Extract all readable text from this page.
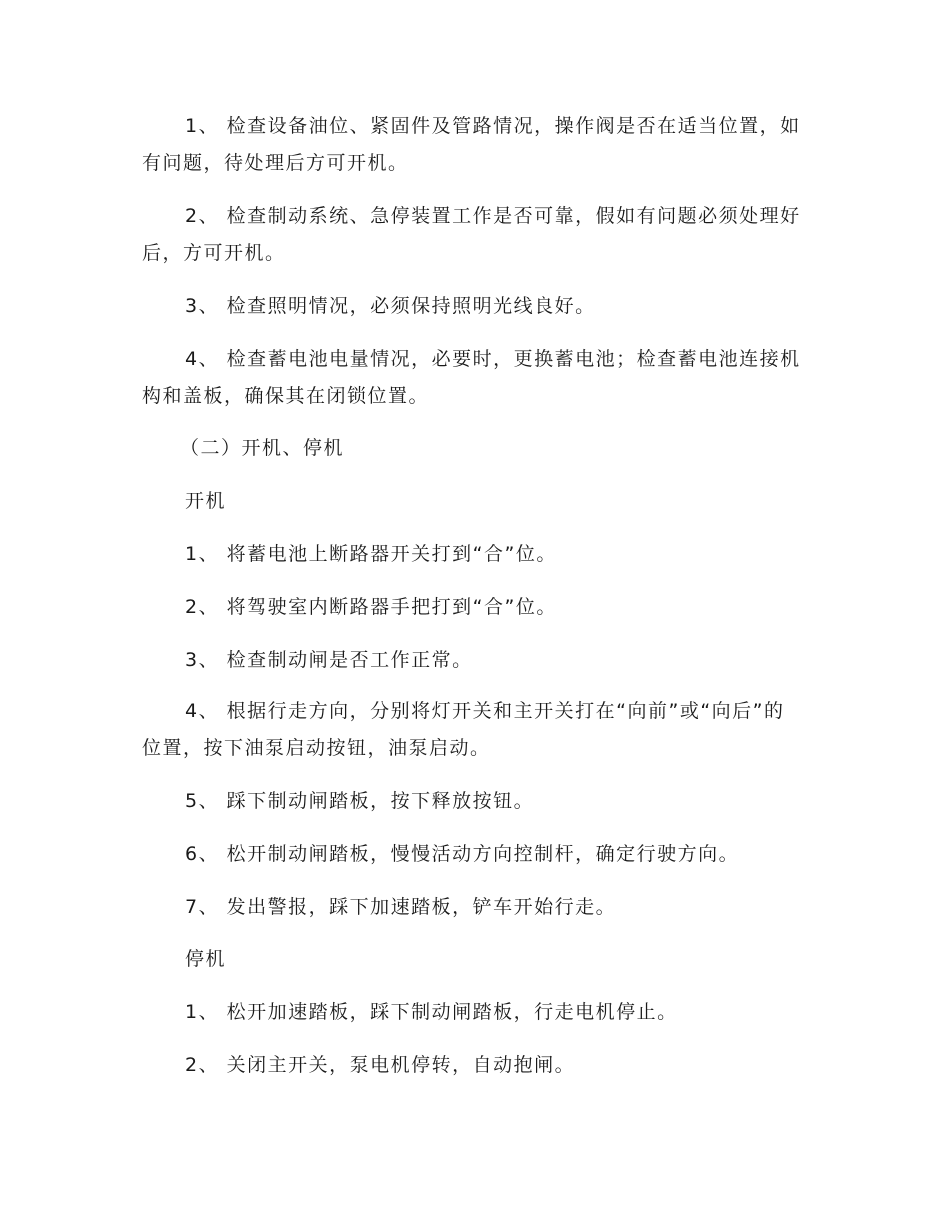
1、 检查设备油位、紧固件及管路情况，操作阀是否在适当位置，如有问题，待处理后方可开机。

2、 检查制动系统、急停装置工作是否可靠，假如有问题必须处理好后，方可开机。

3、 检查照明情况，必须保持照明光线良好。

4、 检查蓄电池电量情况，必要时，更换蓄电池；检查蓄电池连接机构和盖板，确保其在闭锁位置。

（二）开机、停机

开机

1、 将蓄电池上断路器开关打到“合”位。

2、 将驾驶室内断路器手把打到“合”位。

3、 检查制动闸是否工作正常。

4、 根据行走方向，分别将灯开关和主开关打在“向前”或“向后”的位置，按下油泵启动按钮，油泵启动。

5、 踩下制动闸踏板，按下释放按钮。

6、 松开制动闸踏板，慢慢活动方向控制杆，确定行驶方向。

7、 发出警报，踩下加速踏板，铲车开始行走。

停机

1、 松开加速踏板，踩下制动闸踏板，行走电机停止。

2、 关闭主开关，泵电机停转，自动抱闸。
